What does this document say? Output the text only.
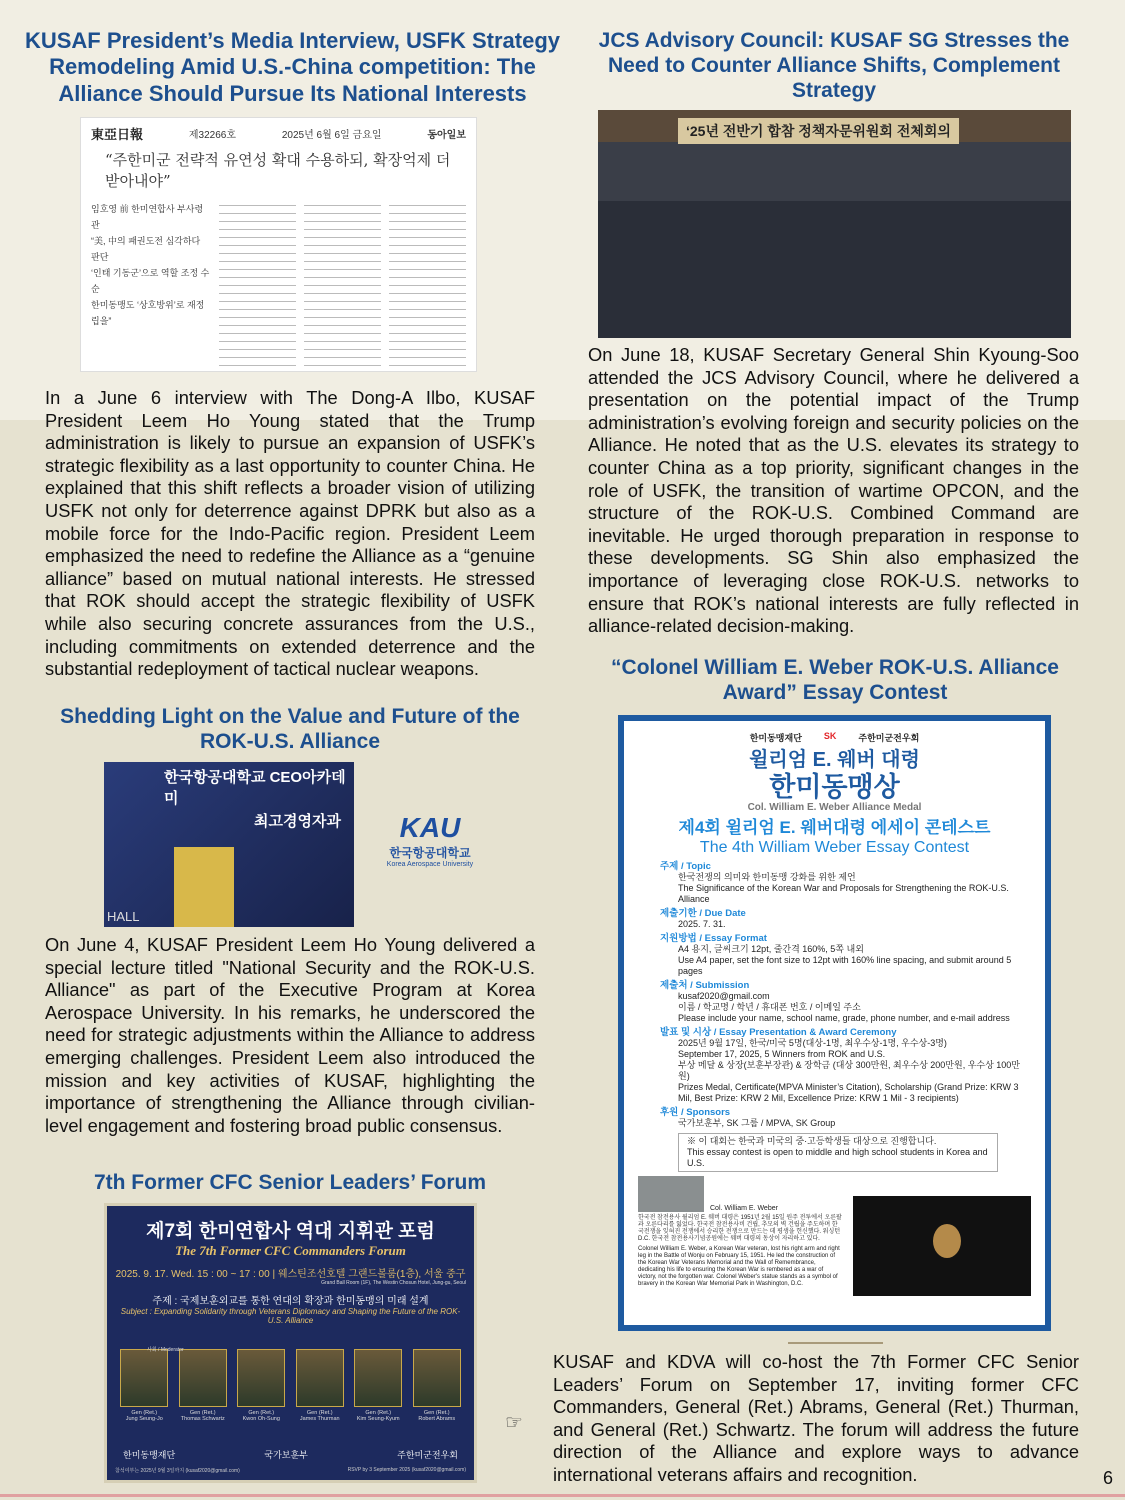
KUSAF President’s Media Interview, USFK Strategy Remodeling Amid U.S.-China competition: The Alliance Should Pursue Its National Interests
東亞日報	제32266호	2025년 6월 6일 금요일	동아일보
“주한미군 전략적 유연성 확대 수용하되, 확장억제 더 받아내야”
임호영 前 한미연합사 부사령관
“美, 中의 패권도전 심각하다 판단
‘인태 기동군’으로 역할 조정 수순
한미동맹도 ‘상호방위’로 재정립을”
In a June 6 interview with The Dong-A Ilbo, KUSAF President Leem Ho Young stated that the Trump administration is likely to pursue an expansion of USFK’s strategic flexibility as a last opportunity to counter China. He explained that this shift reflects a broader vision of utilizing USFK not only for deterrence against DPRK but also as a mobile force for the Indo-Pacific region. President Leem emphasized the need to redefine the Alliance as a “genuine alliance” based on mutual national interests. He stressed that ROK should accept the strategic flexibility of USFK while also securing concrete assurances from the U.S., including commitments on extended deterrence and the substantial redeployment of tactical nuclear weapons.
JCS Advisory Council: KUSAF SG Stresses the Need to Counter Alliance Shifts, Complement Strategy
‘25년 전반기 합참 정책자문위원회 전체회의
On June 18, KUSAF Secretary General Shin Kyoung-Soo attended the JCS Advisory Council, where he delivered a presentation on the potential impact of the Trump administration’s evolving foreign and security policies on the Alliance. He noted that as the U.S. elevates its strategy to counter China as a top priority, significant changes in the role of USFK, the transition of wartime OPCON, and the structure of the ROK-U.S. Combined Command are inevitable. He urged thorough preparation in response to these developments. SG Shin also emphasized the importance of leveraging close ROK-U.S. networks to ensure that ROK’s national interests are fully reflected in alliance-related decision-making.
Shedding Light on the Value and Future of the ROK-U.S. Alliance
한국항공대학교 CEO아카데미
최고경영자과
HALL
KAU
한국항공대학교
Korea Aerospace University
On June 4, KUSAF President Leem Ho Young delivered a special lecture titled "National Security and the ROK-U.S. Alliance" as part of the Executive Program at Korea Aerospace University. In his remarks, he underscored the need for strategic adjustments within the Alliance to address emerging challenges. President Leem also introduced the mission and key activities of KUSAF, highlighting the importance of strengthening the Alliance through civilian-level engagement and fostering broad public consensus.
7th Former CFC Senior Leaders’ Forum
제7회 한미연합사 역대 지휘관 포럼
The 7th Former CFC Commanders Forum
2025. 9. 17. Wed. 15 : 00 ~ 17 : 00 | 웨스틴조선호텔 그랜드볼룸(1층), 서울 중구
Grand Ball Room (1F), The Westin Chosun Hotel, Jung-gu, Seoul
주제 : 국제보훈외교를 통한 연대의 확장과 한미동맹의 미래 설계
Subject : Expanding Solidarity through Veterans Diplomacy and Shaping the Future of the ROK-U.S. Alliance
Gen (Ret.)
Jung Seung-Jo
Gen (Ret.)
Thomas Schwartz
Gen (Ret.)
Kwon Oh-Sung
Gen (Ret.)
James Thurman
Gen (Ret.)
Kim Seung-Kyum
Gen (Ret.)
Robert Abrams
사회 / Moderator
한미동맹재단	국가보훈부	주한미군전우회
참석여부는 2025년 9월 3일까지 (kusaf2020@gmail.com)	RSVP by 3 September 2025 (kusaf2020@gmail.com)
☞
KUSAF and KDVA will co-host the 7th Former CFC Senior Leaders’ Forum on September 17, inviting former CFC Commanders, General (Ret.) Abrams, General (Ret.) Thurman, and General (Ret.) Schwartz. The forum will address the future direction of the Alliance and explore ways to advance international veterans affairs and recognition.
“Colonel William E. Weber ROK-U.S. Alliance Award” Essay Contest
한미동맹재단 SK 주한미군전우회
윌리엄 E. 웨버 대령
한미동맹상
Col. William E. Weber Alliance Medal
제4회 윌리엄 E. 웨버대령 에세이 콘테스트
The 4th William Weber Essay Contest
주제 / Topic
한국전쟁의 의미와 한미동맹 강화를 위한 제언
The Significance of the Korean War and Proposals for Strengthening the ROK-U.S. Alliance
제출기한 / Due Date
2025. 7. 31.
지원방법 / Essay Format
A4 용지, 글씨크기 12pt, 줄간격 160%, 5쪽 내외
Use A4 paper, set the font size to 12pt with 160% line spacing, and submit around 5 pages
제출처 / Submission
kusaf2020@gmail.com
이름 / 학교명 / 학년 / 휴대폰 번호 / 이메일 주소
Please include your name, school name, grade, phone number, and e-mail address
발표 및 시상 / Essay Presentation & Award Ceremony
2025년 9월 17일, 한국/미국 5명(대상-1명, 최우수상-1명, 우수상-3명)
September 17, 2025, 5 Winners from ROK and U.S.
부상 메달 & 상장(보훈부장관) & 장학금 (대상 300만원, 최우수상 200만원, 우수상 100만원)
Prizes Medal, Certificate(MPVA Minister’s Citation), Scholarship (Grand Prize: KRW 3 Mil, Best Prize: KRW 2 Mil, Excellence Prize: KRW 1 Mil - 3 recipients)
후원 / Sponsors
국가보훈부, SK 그룹 / MPVA, SK Group
※ 이 대회는 한국과 미국의 중·고등학생들 대상으로 진행합니다.
This essay contest is open to middle and high school students in Korea and U.S.
Col. William E. Weber
한국전 참전용사 윌리엄 E. 웨버 대령은 1951년 2월 15일 원주 전투에서 오른팔과 오른다리를 잃었다. 한국전 참전용사비 건립, 추모의 벽 건립을 주도하며 한국전쟁을 잊혀진 전쟁에서 승리한 전쟁으로 만드는 데 평생을 헌신했다. 워싱턴 D.C. 한국전 참전용사기념공원에는 웨버 대령의 동상이 자리하고 있다.
Colonel William E. Weber, a Korean War veteran, lost his right arm and right leg in the Battle of Wonju on February 15, 1951. He led the construction of the Korean War Veterans Memorial and the Wall of Remembrance, dedicating his life to ensuring the Korean War is rembered as a war of victory, not the forgotten war. Colonel Weber's statue stands as a symbol of bravery in the Korean War Memorial Park in Washington, D.C.
6
